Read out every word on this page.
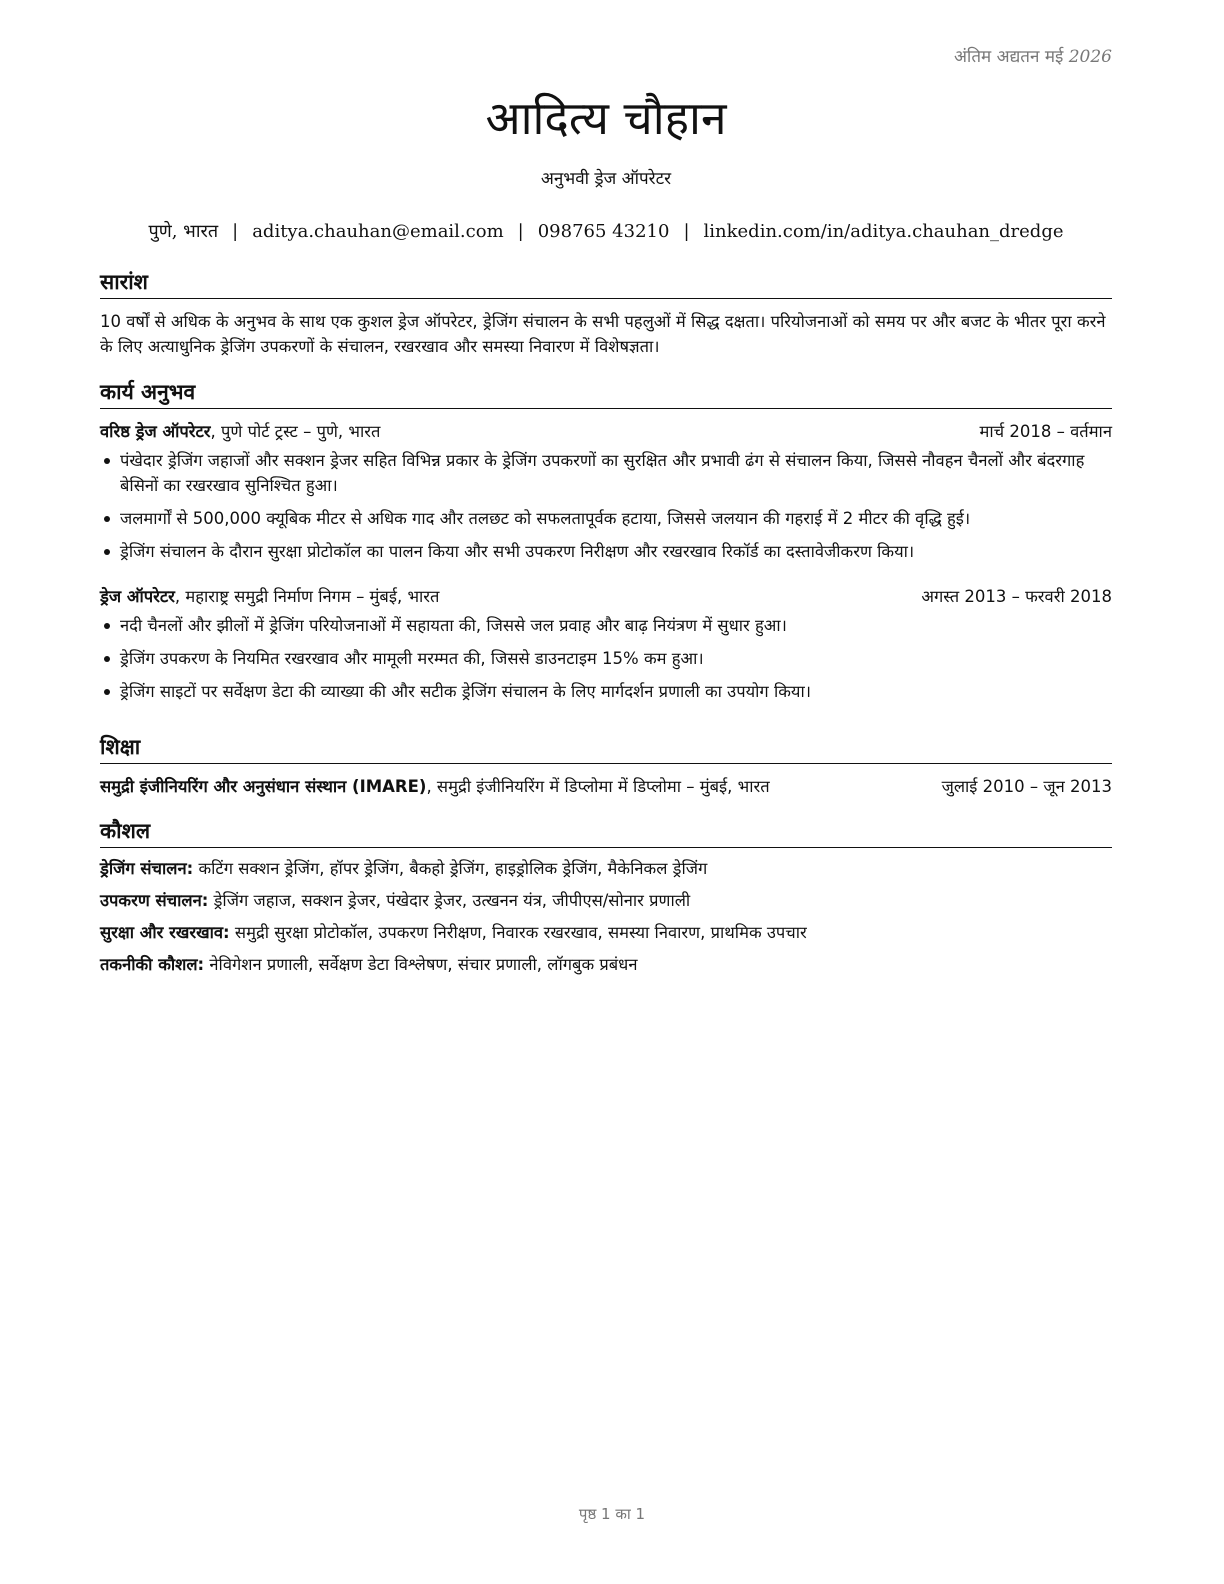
अंतिम अद्यतन मई 2026
आदित्य चौहान
अनुभवी ड्रेज ऑपरेटर
पुणे, भारत | aditya.chauhan@email.com | 098765 43210 | linkedin.com/in/aditya.chauhan_dredge
सारांश

10 वर्षों से अधिक के अनुभव के साथ एक कुशल ड्रेज ऑपरेटर, ड्रेजिंग संचालन के सभी पहलुओं में सिद्ध दक्षता। परियोजनाओं को समय पर और बजट के भीतर पूरा करने के लिए अत्याधुनिक ड्रेजिंग उपकरणों के संचालन, रखरखाव और समस्या निवारण में विशेषज्ञता।

कार्य अनुभव
वरिष्ठ ड्रेज ऑपरेटर, पुणे पोर्ट ट्रस्ट – पुणे, भारत	मार्च 2018 – वर्तमान
पंखेदार ड्रेजिंग जहाजों और सक्शन ड्रेजर सहित विभिन्न प्रकार के ड्रेजिंग उपकरणों का सुरक्षित और प्रभावी ढंग से संचालन किया, जिससे नौवहन चैनलों और बंदरगाह बेसिनों का रखरखाव सुनिश्चित हुआ।
जलमार्गों से 500,000 क्यूबिक मीटर से अधिक गाद और तलछट को सफलतापूर्वक हटाया, जिससे जलयान की गहराई में 2 मीटर की वृद्धि हुई।
ड्रेजिंग संचालन के दौरान सुरक्षा प्रोटोकॉल का पालन किया और सभी उपकरण निरीक्षण और रखरखाव रिकॉर्ड का दस्तावेजीकरण किया।
ड्रेज ऑपरेटर, महाराष्ट्र समुद्री निर्माण निगम – मुंबई, भारत	अगस्त 2013 – फरवरी 2018
नदी चैनलों और झीलों में ड्रेजिंग परियोजनाओं में सहायता की, जिससे जल प्रवाह और बाढ़ नियंत्रण में सुधार हुआ।
ड्रेजिंग उपकरण के नियमित रखरखाव और मामूली मरम्मत की, जिससे डाउनटाइम 15% कम हुआ।
ड्रेजिंग साइटों पर सर्वेक्षण डेटा की व्याख्या की और सटीक ड्रेजिंग संचालन के लिए मार्गदर्शन प्रणाली का उपयोग किया।
शिक्षा
समुद्री इंजीनियरिंग और अनुसंधान संस्थान (IMARE), समुद्री इंजीनियरिंग में डिप्लोमा में डिप्लोमा – मुंबई, भारत	जुलाई 2010 – जून 2013
कौशल
ड्रेजिंग संचालन: कटिंग सक्शन ड्रेजिंग, हॉपर ड्रेजिंग, बैकहो ड्रेजिंग, हाइड्रोलिक ड्रेजिंग, मैकेनिकल ड्रेजिंग
उपकरण संचालन: ड्रेजिंग जहाज, सक्शन ड्रेजर, पंखेदार ड्रेजर, उत्खनन यंत्र, जीपीएस/सोनार प्रणाली
सुरक्षा और रखरखाव: समुद्री सुरक्षा प्रोटोकॉल, उपकरण निरीक्षण, निवारक रखरखाव, समस्या निवारण, प्राथमिक उपचार
तकनीकी कौशल: नेविगेशन प्रणाली, सर्वेक्षण डेटा विश्लेषण, संचार प्रणाली, लॉगबुक प्रबंधन
पृष्ठ 1 का 1
